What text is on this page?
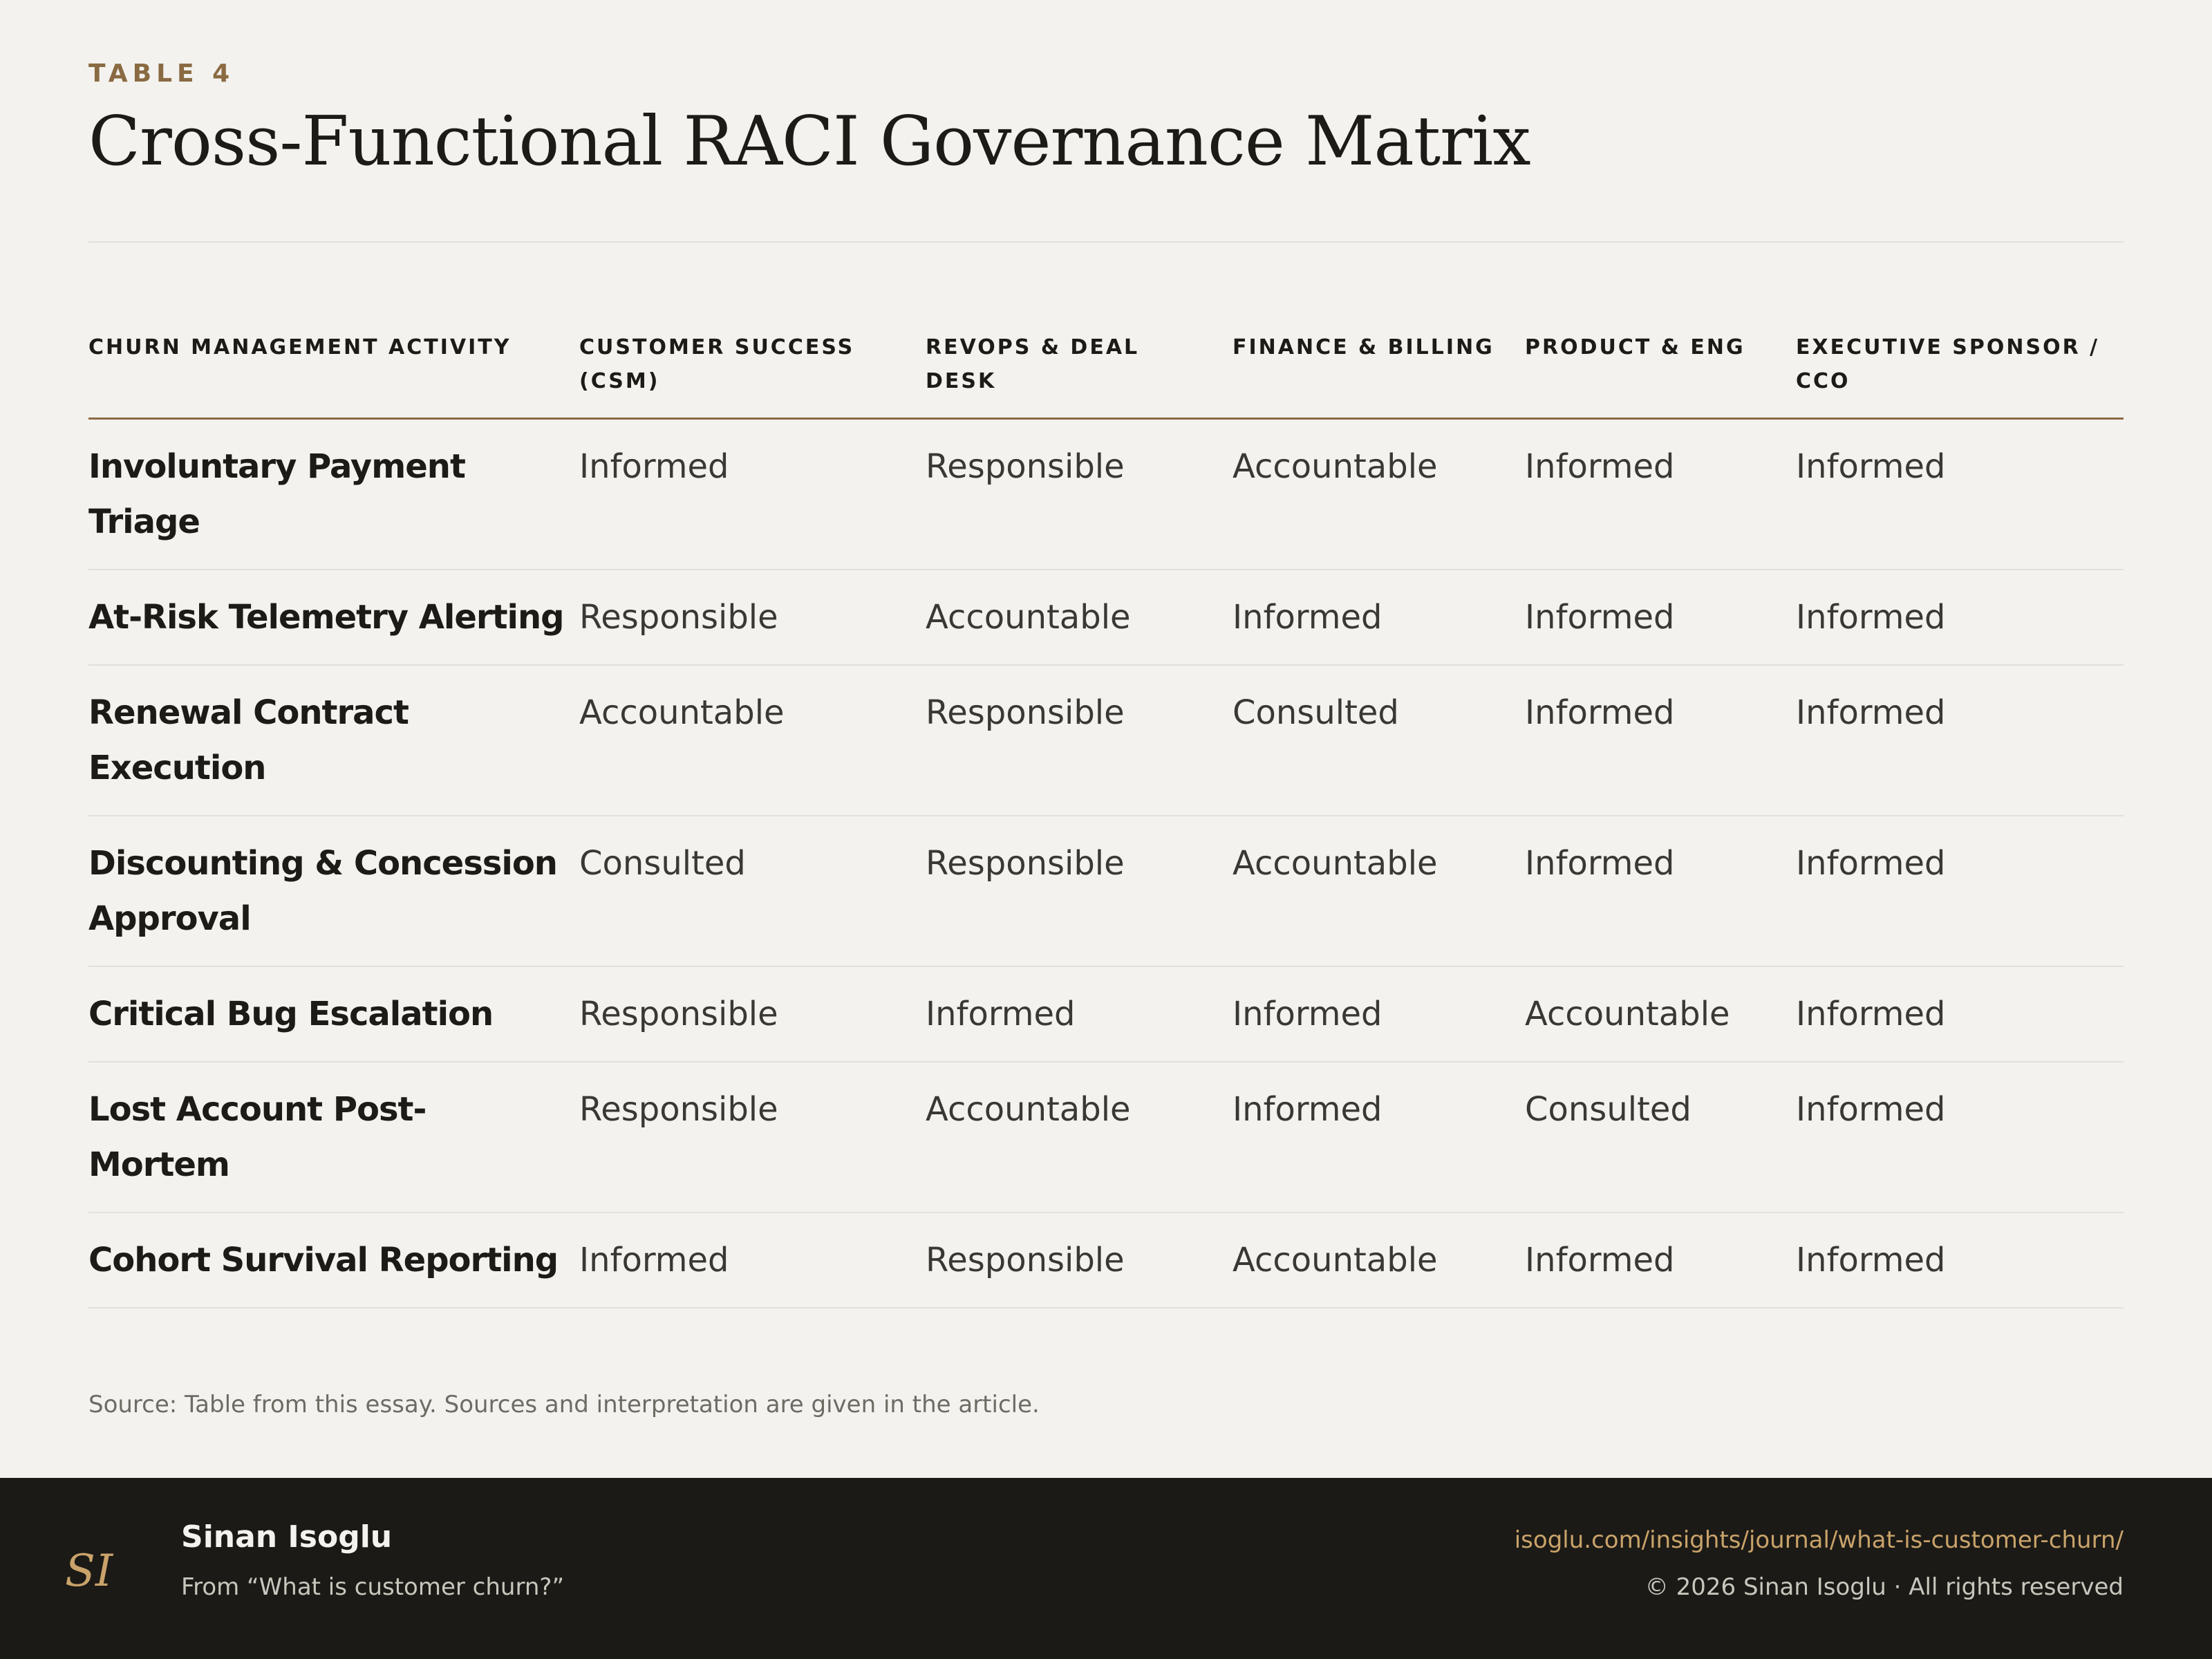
TABLE 4
Cross-Functional RACI Governance Matrix
CHURN MANAGEMENT ACTIVITY	CUSTOMER SUCCESS (CSM)	REVOPS & DEAL DESK	FINANCE & BILLING	PRODUCT & ENG	EXECUTIVE SPONSOR / CCO
Involuntary Payment Triage	Informed	Responsible	Accountable	Informed	Informed
At-Risk Telemetry Alerting	Responsible	Accountable	Informed	Informed	Informed
Renewal Contract Execution	Accountable	Responsible	Consulted	Informed	Informed
Discounting & Concession Approval	Consulted	Responsible	Accountable	Informed	Informed
Critical Bug Escalation	Responsible	Informed	Informed	Accountable	Informed
Lost Account Post-Mortem	Responsible	Accountable	Informed	Consulted	Informed
Cohort Survival Reporting	Informed	Responsible	Accountable	Informed	Informed
Source: Table from this essay. Sources and interpretation are given in the article.
SI
Sinan Isoglu
From “What is customer churn?”
isoglu.com/insights/journal/what-is-customer-churn/
© 2026 Sinan Isoglu · All rights reserved
